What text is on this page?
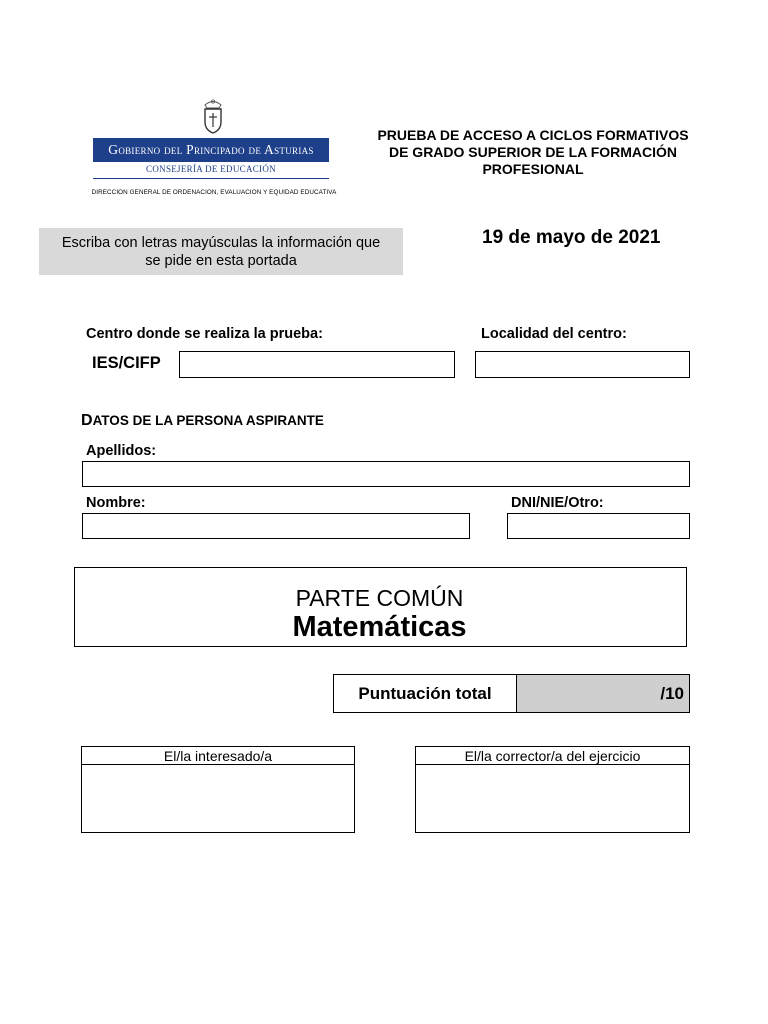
Gobierno del Principado de Asturias
CONSEJERÍA DE EDUCACIÓN
DIRECCION GENERAL DE ORDENACION, EVALUACION Y EQUIDAD EDUCATIVA
PRUEBA DE ACCESO A CICLOS FORMATIVOS
DE GRADO SUPERIOR DE LA FORMACIÓN
PROFESIONAL
Escriba con letras mayúsculas la información que
se pide en esta portada
19 de mayo de 2021
Centro donde se realiza la prueba:	Localidad del centro:
IES/CIFP
DATOS DE LA PERSONA ASPIRANTE
Apellidos:
Nombre:	DNI/NIE/Otro:
PARTE COMÚN
Matemáticas
Puntuación total	/10
El/la interesado/a	El/la corrector/a del ejercicio
